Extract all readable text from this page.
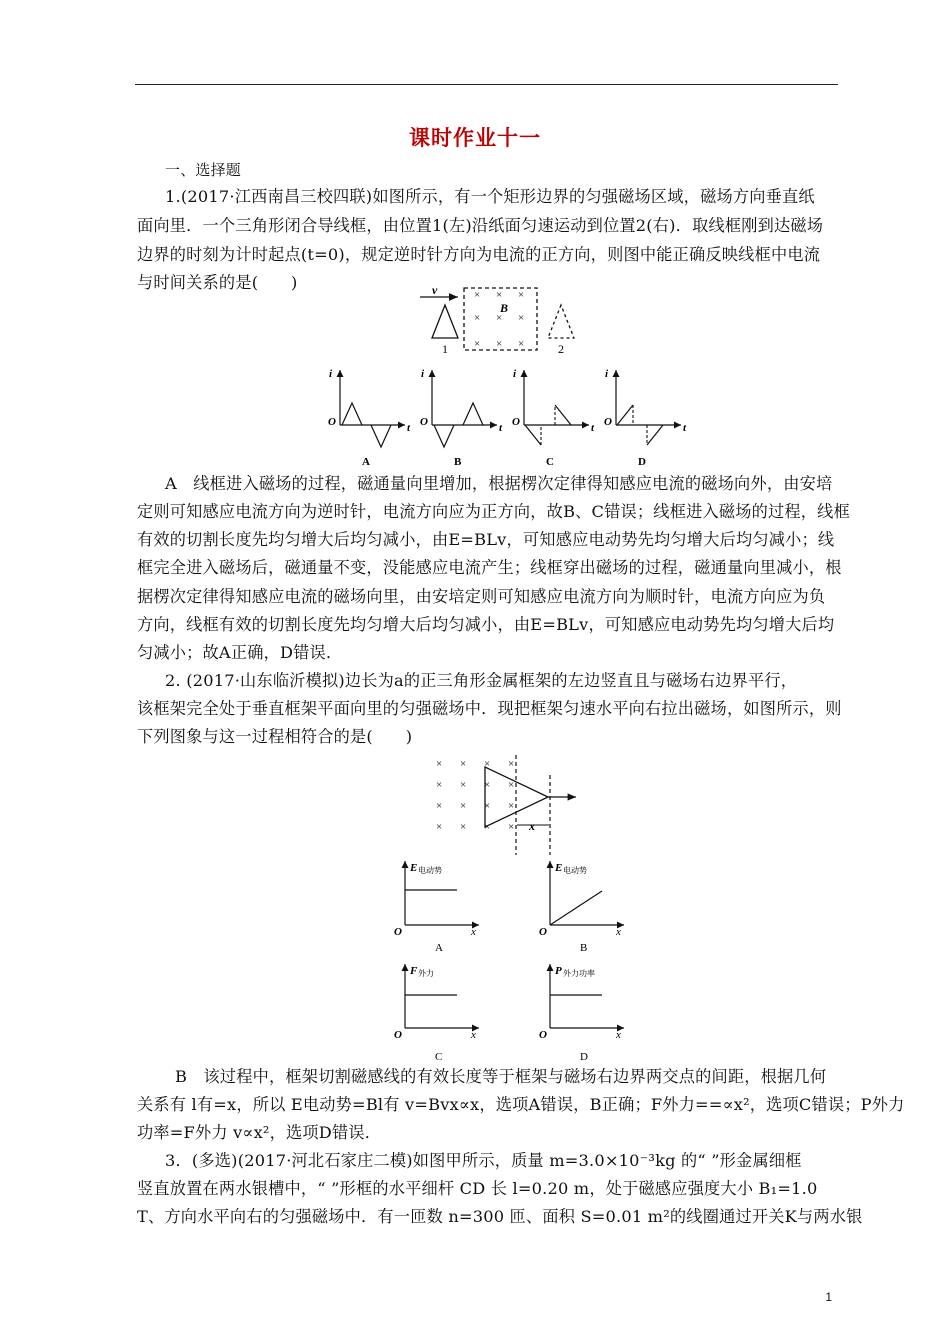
课时作业十一
一、选择题
1.(2017·江西南昌三校四联)如图所示，有一个矩形边界的匀强磁场区域，磁场方向垂直纸
面向里．一个三角形闭合导线框，由位置1(左)沿纸面匀速运动到位置2(右)．取线框刚到达磁场
边界的时刻为计时起点(t=0)，规定逆时针方向为电流的正方向，则图中能正确反映线框中电流
与时间关系的是(　　)	v	× × ×
× × ×
× × ×
B
1	2
i
O	t
A
i
O	t
B
i
O	t
C
i
O	t
D
A　线框进入磁场的过程，磁通量向里增加，根据楞次定律得知感应电流的磁场向外，由安培
定则可知感应电流方向为逆时针，电流方向应为正方向，故B、C错误；线框进入磁场的过程，线框
有效的切割长度先均匀增大后均匀减小，由E=BLv，可知感应电动势先均匀增大后均匀减小；线
框完全进入磁场后，磁通量不变，没能感应电流产生；线框穿出磁场的过程，磁通量向里减小，根
据楞次定律得知感应电流的磁场向里，由安培定则可知感应电流方向为顺时针，电流方向应为负
方向，线框有效的切割长度先均匀增大后均匀减小，由E=BLv，可知感应电动势先均匀增大后均
匀减小；故A正确，D错误．
2. (2017·山东临沂模拟)边长为a的正三角形金属框架的左边竖直且与磁场右边界平行，
该框架完全处于垂直框架平面向里的匀强磁场中．现把框架匀速水平向右拉出磁场，如图所示，则
下列图象与这一过程相符合的是(　　)
× × × ×
× × × ×
× × × ×
× × × × x
E 电动势
O	x
A
E 电动势
O	x
B
F 外力
O	x
C
P 外力功率
O	x
D
B　该过程中，框架切割磁感线的有效长度等于框架与磁场右边界两交点的间距，根据几何
关系有 l有=x，所以 E电动势=Bl有 v=Bvx∝x，选项A错误，B正确；F外力==∝x²，选项C错误；P外力
功率=F外力 v∝x²，选项D错误．
3．(多选)(2017·河北石家庄二模)如图甲所示，质量 m=3.0×10⁻³kg 的“ ”形金属细框
竖直放置在两水银槽中，“ ”形框的水平细杆 CD 长 l=0.20 m，处于磁感应强度大小 B₁=1.0
T、方向水平向右的匀强磁场中．有一匝数 n=300 匝、面积 S=0.01 m²的线圈通过开关K与两水银
1
